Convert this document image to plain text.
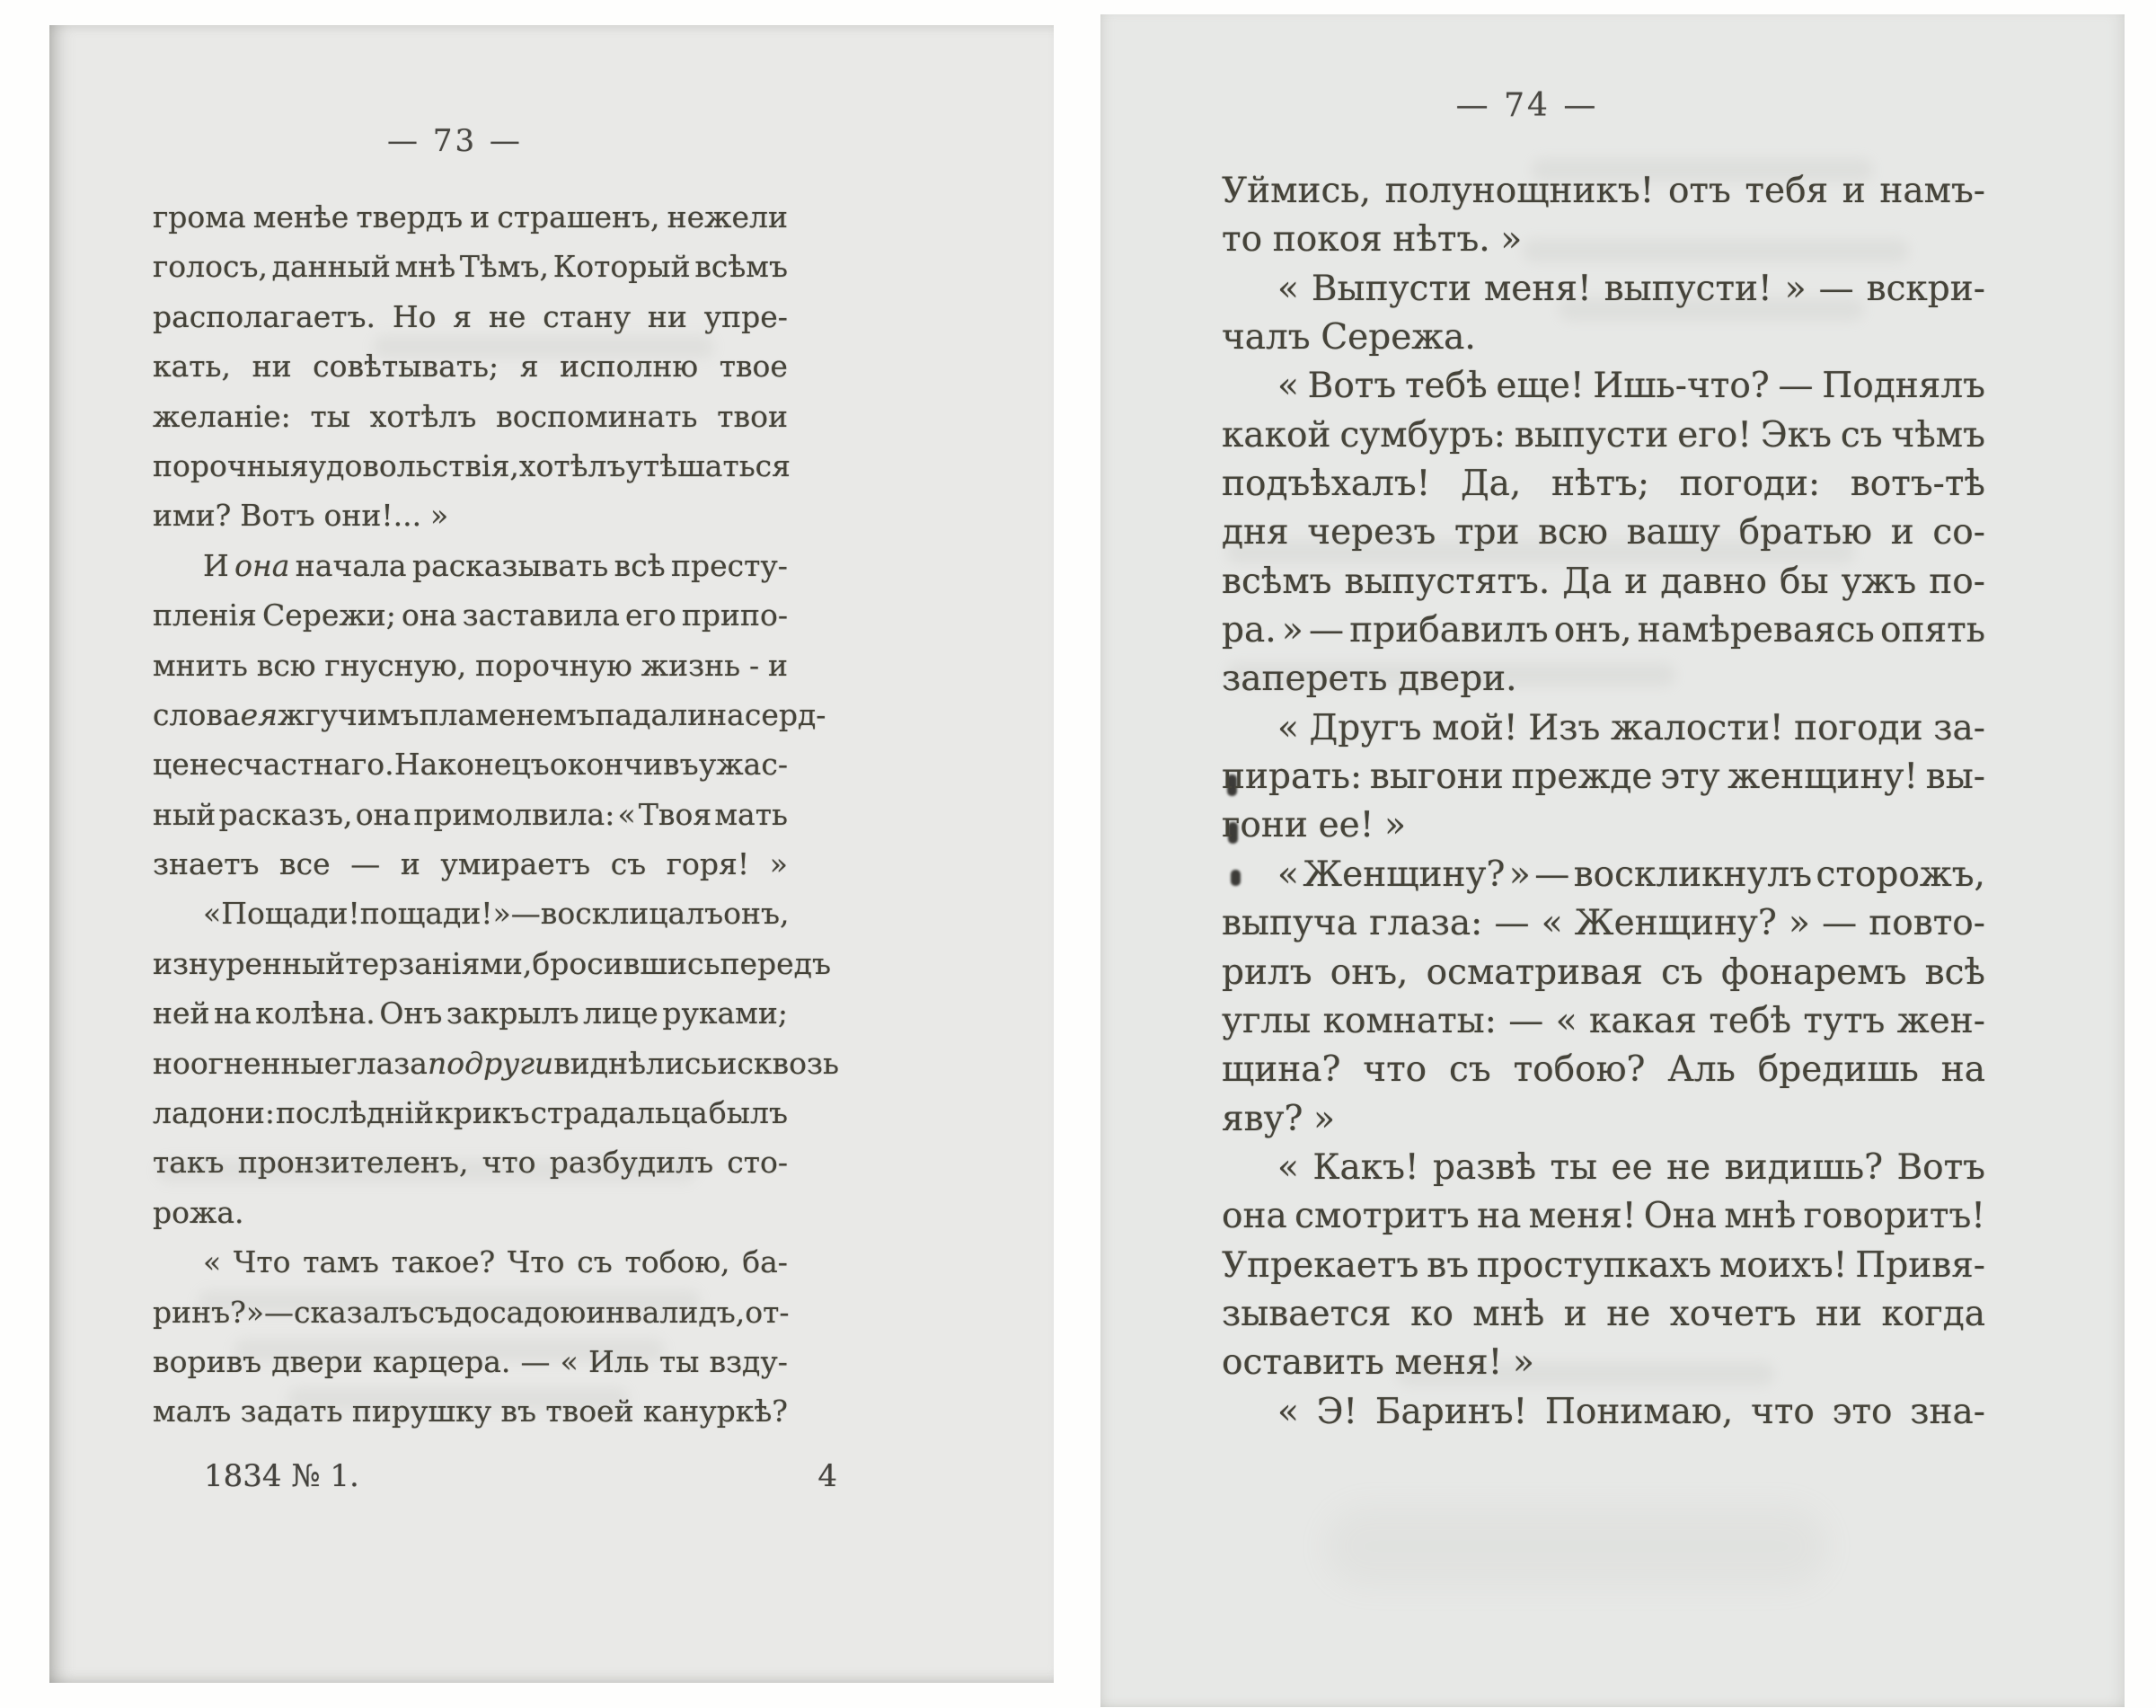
— 73 —
грома менѣе твердъ и страшенъ, нежели
голосъ, данный мнѣ Тѣмъ, Который всѣмъ
располагаетъ. Но я не стану ни упре-
кать, ни совѣтывать; я исполню твое
желаніе: ты хотѣлъ воспоминать твои
порочныя удовольствія, хотѣлъ утѣшаться
ими? Вотъ они!... »
И она начала расказывать всѣ престу-
пленія Сережи; она заставила его припо-
мнить всю гнусную, порочную жизнь - и
слова ея жгучимъ пламенемъ падали на серд-
це несчастнаго. Наконецъ окончивъ ужас-
ный расказъ, она примолвила: « Твоя мать
знаетъ все — и умираетъ съ горя! »
« Пощади! пощади! » — восклицалъ онъ,
изнуренный терзаніями, бросившись передъ
ней на колѣна. Онъ закрылъ лице руками;
но огненные глаза подруги виднѣлись и сквозь
ладони: послѣдній крикъ страдальца былъ
такъ пронзителенъ, что разбудилъ сто-
рожа.
« Что тамъ такое? Что съ тобою, ба-
ринъ? » — сказалъ съ досадою инвалидъ, от-
воривъ двери карцера. — « Иль ты взду-
малъ задать пирушку въ твоей кануркѣ?
1834 № 1.	4
— 74 —
Уймись, полунощникъ! отъ тебя и намъ-
то покоя нѣтъ. »
« Выпусти меня! выпусти! » — вскри-
чалъ Сережа.
« Вотъ тебѣ еще! Ишь-что? — Поднялъ
какой сумбуръ: выпусти его! Экъ съ чѣмъ
подъѣхалъ! Да, нѣтъ; погоди: вотъ-тѣ
дня черезъ три всю вашу братью и со-
всѣмъ выпустятъ. Да и давно бы ужъ по-
ра. » — прибавилъ онъ, намѣреваясь опять
запереть двери.
« Другъ мой! Изъ жалости! погоди за-
пирать: выгони прежде эту женщину! вы-
гони ее! »
« Женщину? » — воскликнулъ сторожъ,
выпуча глаза: — « Женщину? » — повто-
рилъ онъ, осматривая съ фонаремъ всѣ
углы комнаты: — « какая тебѣ тутъ жен-
щина? что съ тобою? Аль бредишь на
яву? »
« Какъ! развѣ ты ее не видишь? Вотъ
она смотритъ на меня! Она мнѣ говоритъ!
Упрекаетъ въ проступкахъ моихъ! Привя-
зывается ко мнѣ и не хочетъ ни когда
оставить меня! »
« Э! Баринъ! Понимаю, что это зна-
